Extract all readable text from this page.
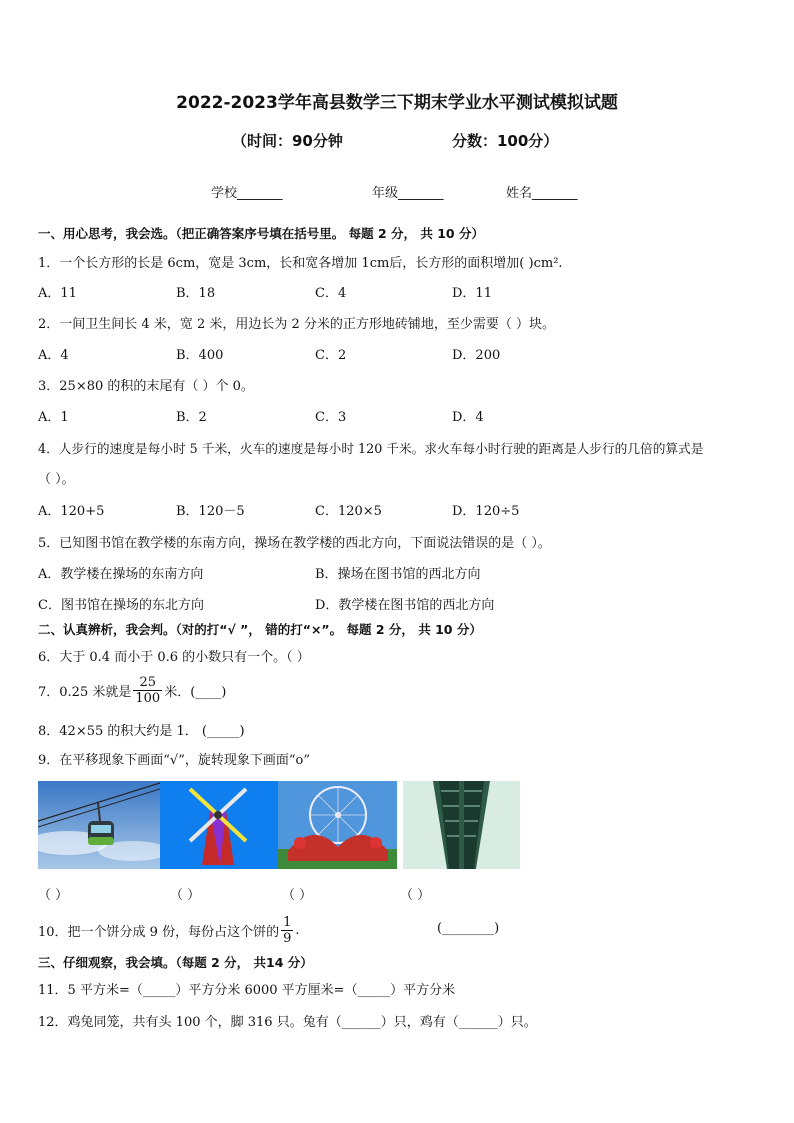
2022-2023学年高县数学三下期末学业水平测试模拟试题
（时间：90分钟	分数：100分）
学校_______	年级_______	姓名_______
一、用心思考，我会选。（把正确答案序号填在括号里。 每题 2 分， 共 10 分）
1．一个长方形的长是 6cm，宽是 3cm，长和宽各增加 1cm后，长方形的面积增加( )cm².
A．11	B．18	C．4	D．11
2．一间卫生间长 4 米，宽 2 米，用边长为 2 分米的正方形地砖铺地，至少需要（ ）块。
A．4	B．400	C．2	D．200
3．25×80 的积的末尾有（ ）个 0。
A．1	B．2	C．3	D．4
4．人步行的速度是每小时 5 千米，火车的速度是每小时 120 千米。求火车每小时行驶的距离是人步行的几倍的算式是
（ ）。
A．120+5	B．120－5	C．120×5	D．120÷5
5．已知图书馆在教学楼的东南方向，操场在教学楼的西北方向，下面说法错误的是（ ）。
A．教学楼在操场的东南方向	B．操场在图书馆的西北方向
C．图书馆在操场的东北方向	D．教学楼在图书馆的西北方向
二、认真辨析，我会判。（对的打“√ ”， 错的打“×”。 每题 2 分， 共 10 分）
6．大于 0.4 而小于 0.6 的小数只有一个。（ ）
7．0.25 米就是 $\frac{25}{100}$ 米．(____)
8．42×55 的积大约是 1． (_____)
9．在平移现象下画面“√”，旋转现象下画面“o”
（ ）	（ ）	（ ）	（ ）
10．把一个饼分成 9 份，每份占这个饼的 $\frac{1}{9}$ .	(________)
三、仔细观察，我会填。（每题 2 分， 共14 分）
11．5 平方米=（_____）平方分米 6000 平方厘米=（_____）平方分米
12．鸡兔同笼，共有头 100 个，脚 316 只。兔有（______）只，鸡有（______）只。
